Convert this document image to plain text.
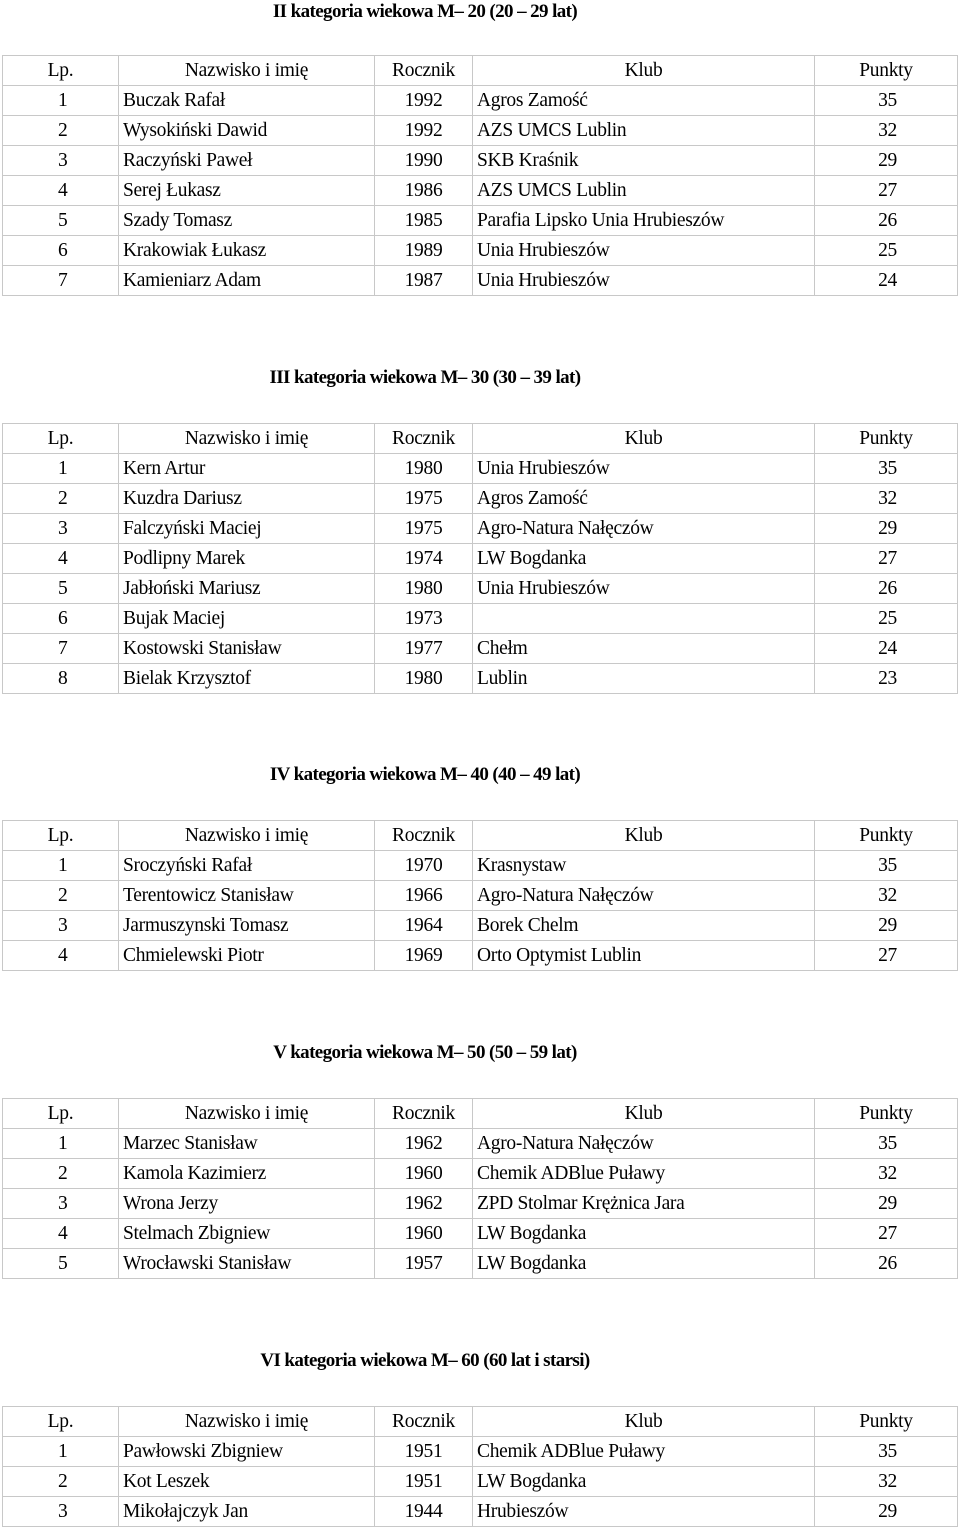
II kategoria wiekowa M– 20 (20 – 29 lat)
Lp.	Nazwisko i imię	Rocznik	Klub	Punkty
1	Buczak Rafał	1992	Agros Zamość	35
2	Wysokiński Dawid	1992	AZS UMCS Lublin	32
3	Raczyński Paweł	1990	SKB Kraśnik	29
4	Serej Łukasz	1986	AZS UMCS Lublin	27
5	Szady Tomasz	1985	Parafia Lipsko Unia Hrubieszów	26
6	Krakowiak Łukasz	1989	Unia Hrubieszów	25
7	Kamieniarz Adam	1987	Unia Hrubieszów	24
III kategoria wiekowa M– 30 (30 – 39 lat)
Lp.	Nazwisko i imię	Rocznik	Klub	Punkty
1	Kern Artur	1980	Unia Hrubieszów	35
2	Kuzdra Dariusz	1975	Agros Zamość	32
3	Falczyński Maciej	1975	Agro-Natura Nałęczów	29
4	Podlipny Marek	1974	LW Bogdanka	27
5	Jabłoński Mariusz	1980	Unia Hrubieszów	26
6	Bujak Maciej	1973		25
7	Kostowski Stanisław	1977	Chełm	24
8	Bielak Krzysztof	1980	Lublin	23
IV kategoria wiekowa M– 40 (40 – 49 lat)
Lp.	Nazwisko i imię	Rocznik	Klub	Punkty
1	Sroczyński Rafał	1970	Krasnystaw	35
2	Terentowicz Stanisław	1966	Agro-Natura Nałęczów	32
3	Jarmuszynski Tomasz	1964	Borek Chelm	29
4	Chmielewski Piotr	1969	Orto Optymist Lublin	27
V kategoria wiekowa M– 50 (50 – 59 lat)
Lp.	Nazwisko i imię	Rocznik	Klub	Punkty
1	Marzec Stanisław	1962	Agro-Natura Nałęczów	35
2	Kamola Kazimierz	1960	Chemik ADBlue Puławy	32
3	Wrona Jerzy	1962	ZPD Stolmar Krężnica Jara	29
4	Stelmach Zbigniew	1960	LW Bogdanka	27
5	Wrocławski Stanisław	1957	LW Bogdanka	26
VI kategoria wiekowa M– 60 (60 lat i starsi)
Lp.	Nazwisko i imię	Rocznik	Klub	Punkty
1	Pawłowski Zbigniew	1951	Chemik ADBlue Puławy	35
2	Kot Leszek	1951	LW Bogdanka	32
3	Mikołajczyk Jan	1944	Hrubieszów	29
